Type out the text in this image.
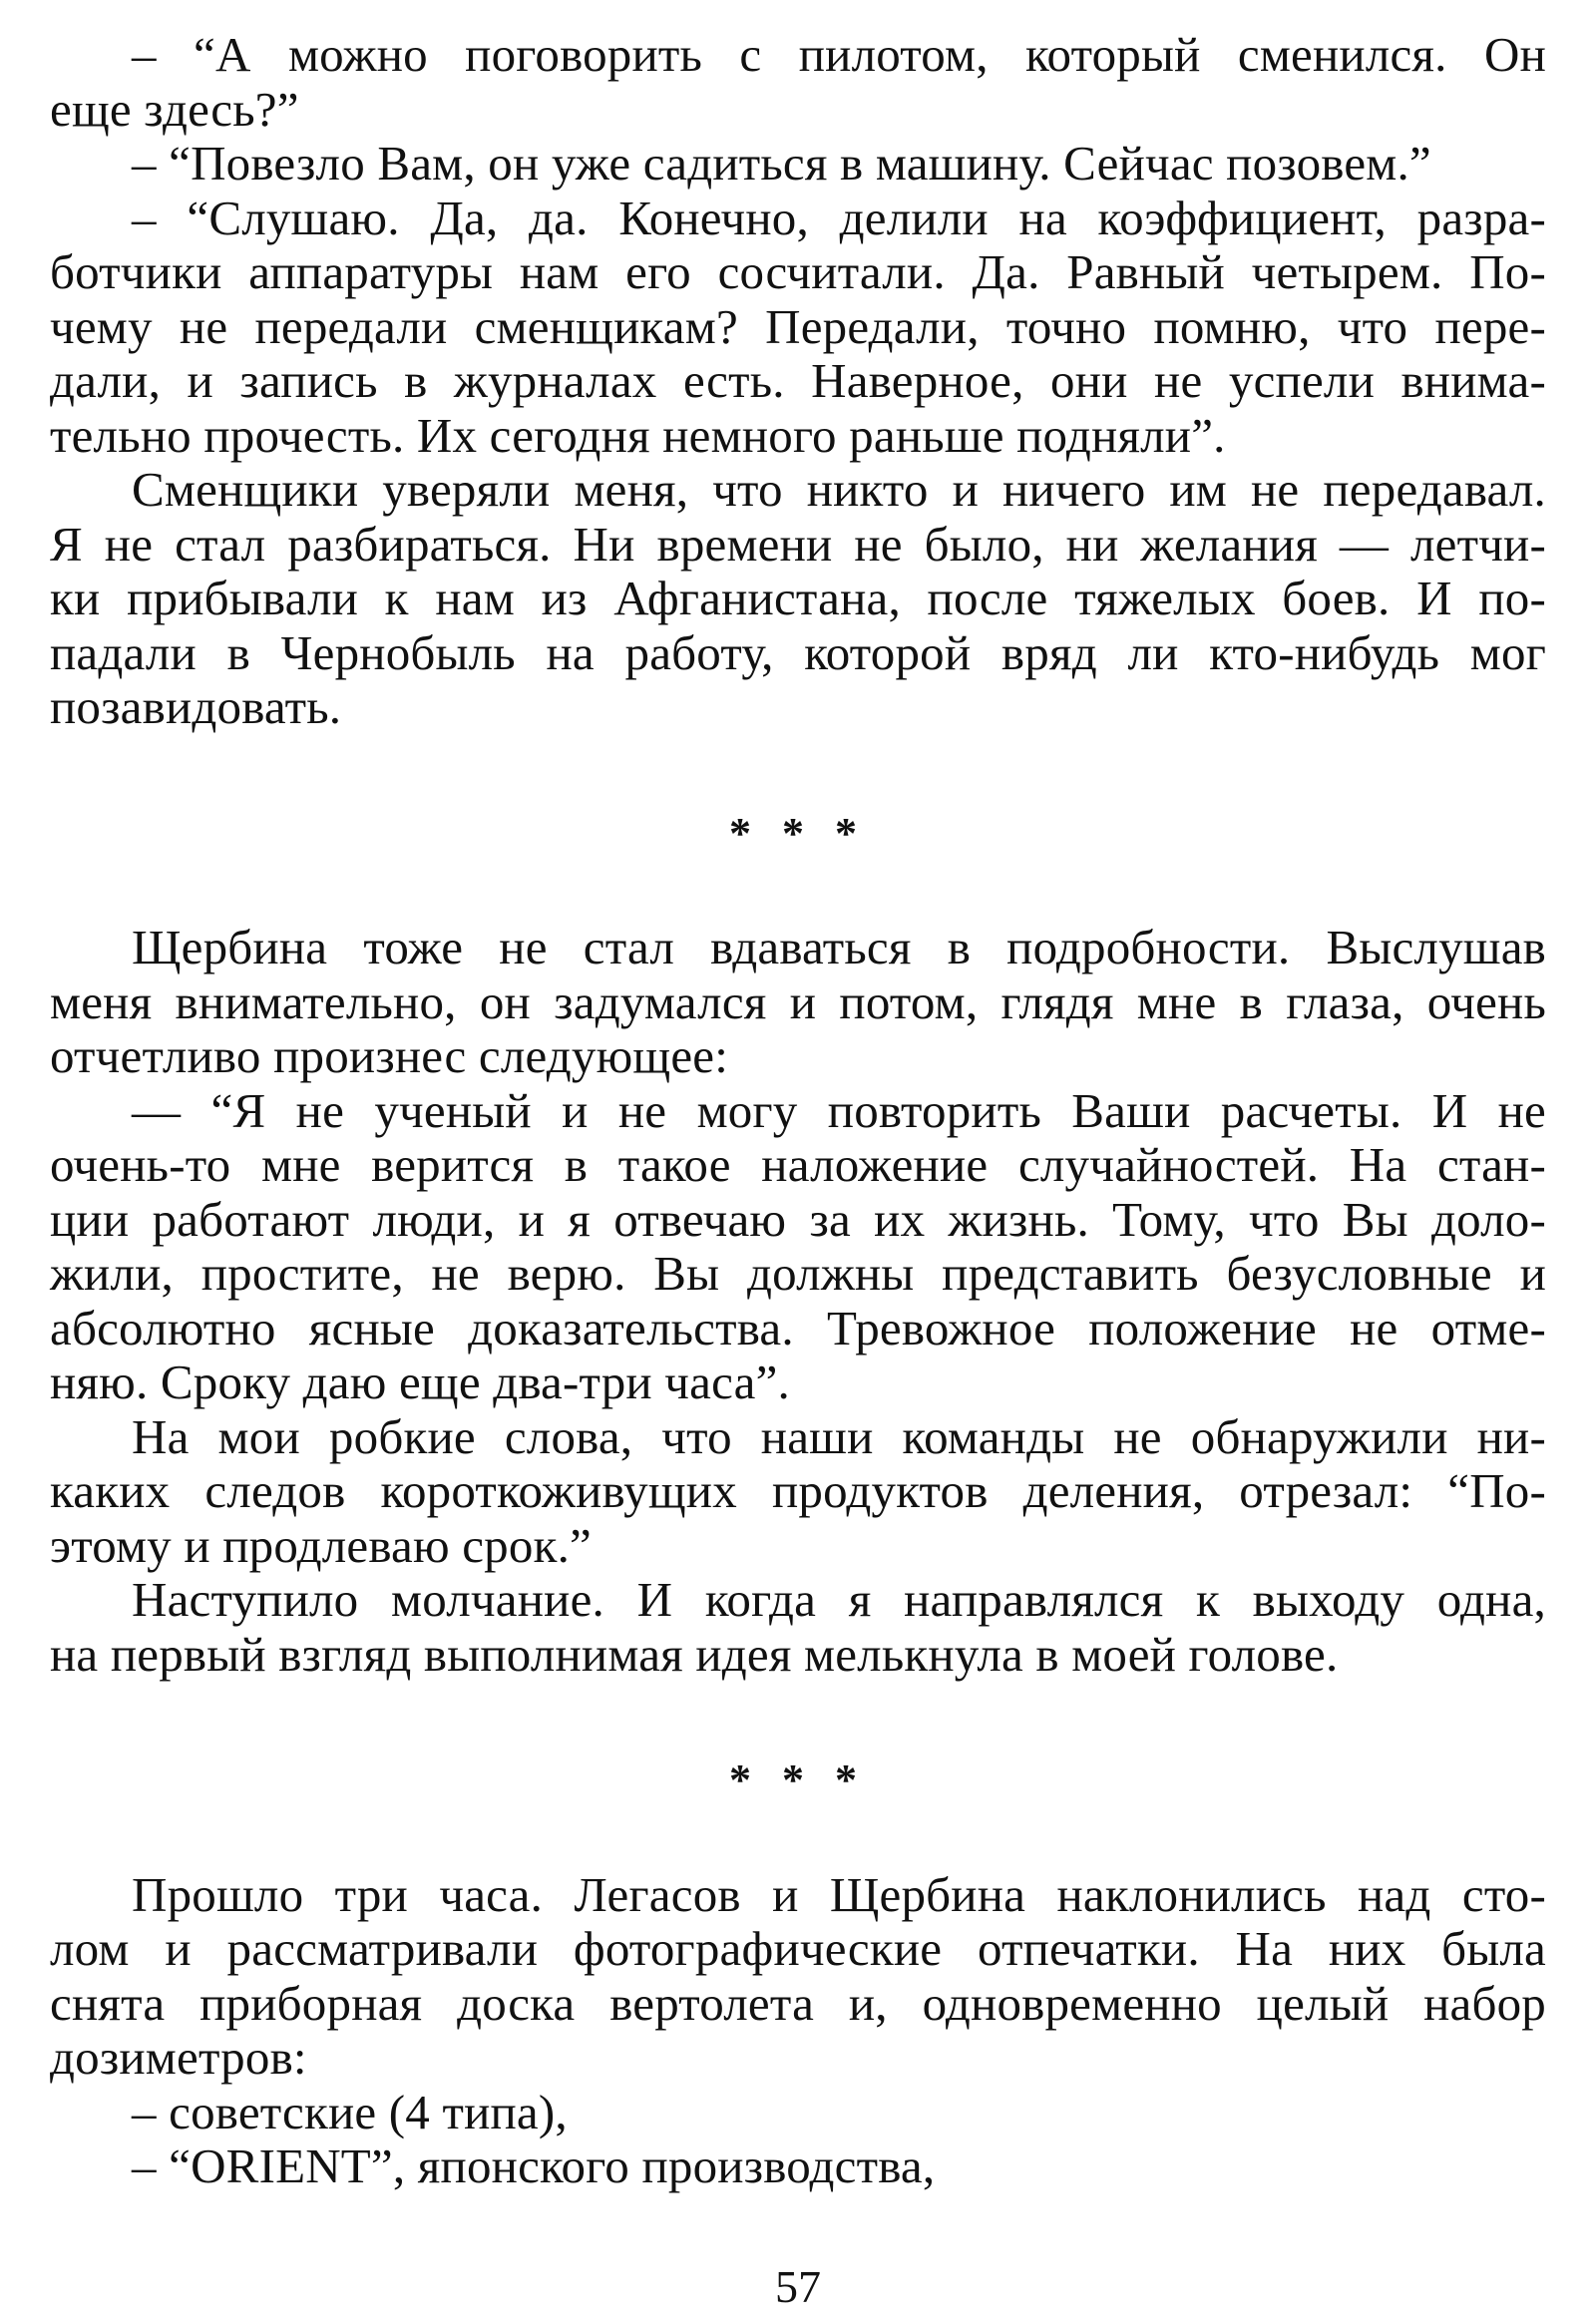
– “А можно поговорить с пилотом, который сменился. Он
еще здесь?”
– “Повезло Вам, он уже садиться в машину. Сейчас позовем.”
– “Слушаю. Да, да. Конечно, делили на коэффициент, разра-
ботчики аппаратуры нам его сосчитали. Да. Равный четырем. По-
чему не передали сменщикам? Передали, точно помню, что пере-
дали, и запись в журналах есть. Наверное, они не успели внима-
тельно прочесть. Их сегодня немного раньше подняли”.
Сменщики уверяли меня, что никто и ничего им не передавал.
Я не стал разбираться. Ни времени не было, ни желания — летчи-
ки прибывали к нам из Афганистана, после тяжелых боев. И по-
падали в Чернобыль на работу, которой вряд ли кто-нибудь мог
позавидовать.
* * *
Щербина тоже не стал вдаваться в подробности. Выслушав
меня внимательно, он задумался и потом, глядя мне в глаза, очень
отчетливо произнес следующее:
— “Я не ученый и не могу повторить Ваши расчеты. И не
очень-то мне верится в такое наложение случайностей. На стан-
ции работают люди, и я отвечаю за их жизнь. Тому, что Вы доло-
жили, простите, не верю. Вы должны представить безусловные и
абсолютно ясные доказательства. Тревожное положение не отме-
няю. Сроку даю еще два-три часа”.
На мои робкие слова, что наши команды не обнаружили ни-
каких следов короткоживущих продуктов деления, отрезал: “По-
этому и продлеваю срок.”
Наступило молчание. И когда я направлялся к выходу одна,
на первый взгляд выполнимая идея мелькнула в моей голове.
* * *
Прошло три часа. Легасов и Щербина наклонились над сто-
лом и рассматривали фотографические отпечатки. На них была
снята приборная доска вертолета и, одновременно целый набор
дозиметров:
– советские (4 типа),
– “ORIENT”, японского производства,
57
